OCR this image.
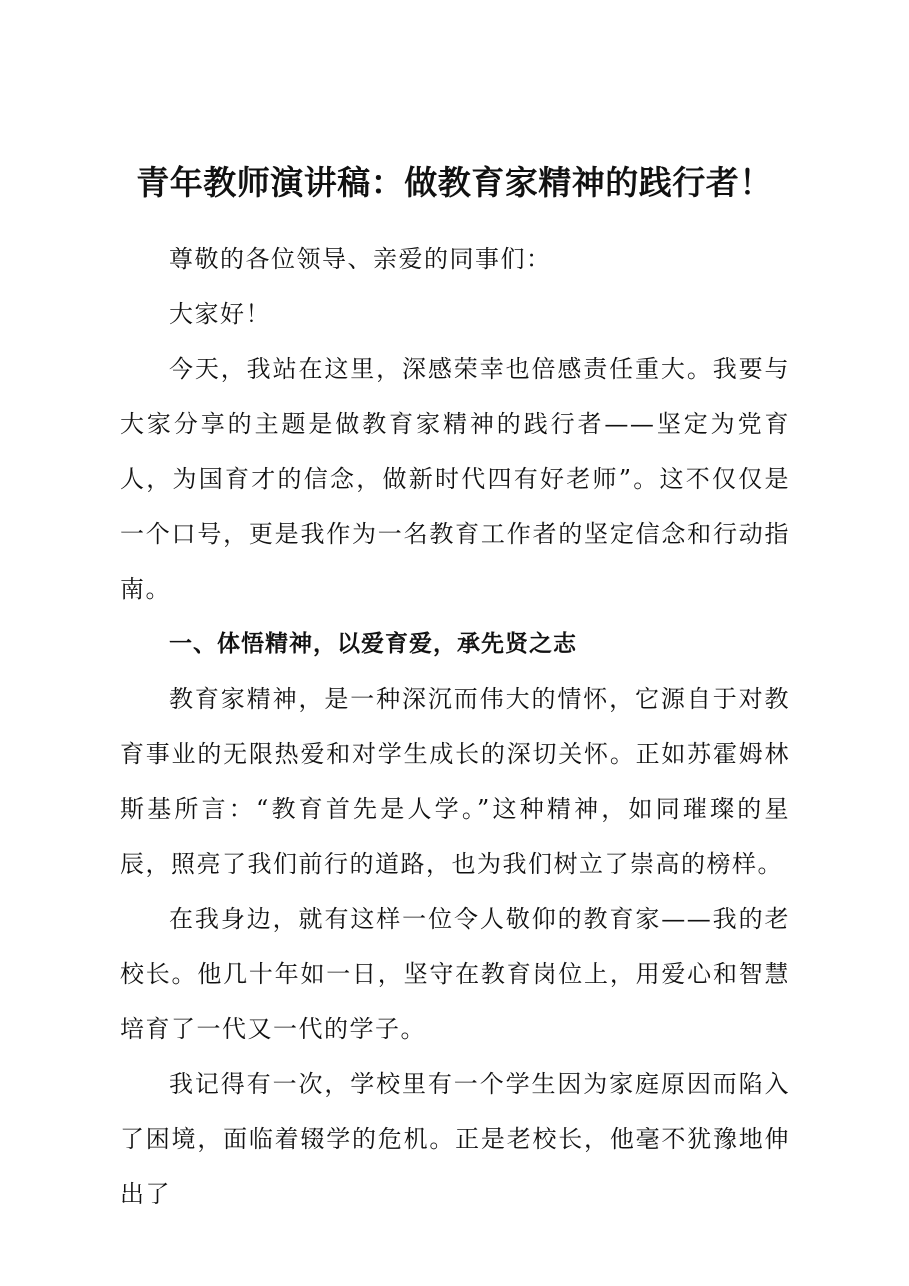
青年教师演讲稿：做教育家精神的践行者！

尊敬的各位领导、亲爱的同事们：

大家好！

今天，我站在这里，深感荣幸也倍感责任重大。我要与大家分享的主题是做教育家精神的践行者——坚定为党育人，为国育才的信念，做新时代四有好老师”。这不仅仅是一个口号，更是我作为一名教育工作者的坚定信念和行动指南。

一、体悟精神，以爱育爱，承先贤之志

教育家精神，是一种深沉而伟大的情怀，它源自于对教育事业的无限热爱和对学生成长的深切关怀。正如苏霍姆林斯基所言：“教育首先是人学。”这种精神，如同璀璨的星辰，照亮了我们前行的道路，也为我们树立了崇高的榜样。

在我身边，就有这样一位令人敬仰的教育家——我的老校长。他几十年如一日，坚守在教育岗位上，用爱心和智慧培育了一代又一代的学子。

我记得有一次，学校里有一个学生因为家庭原因而陷入了困境，面临着辍学的危机。正是老校长，他毫不犹豫地伸出了
